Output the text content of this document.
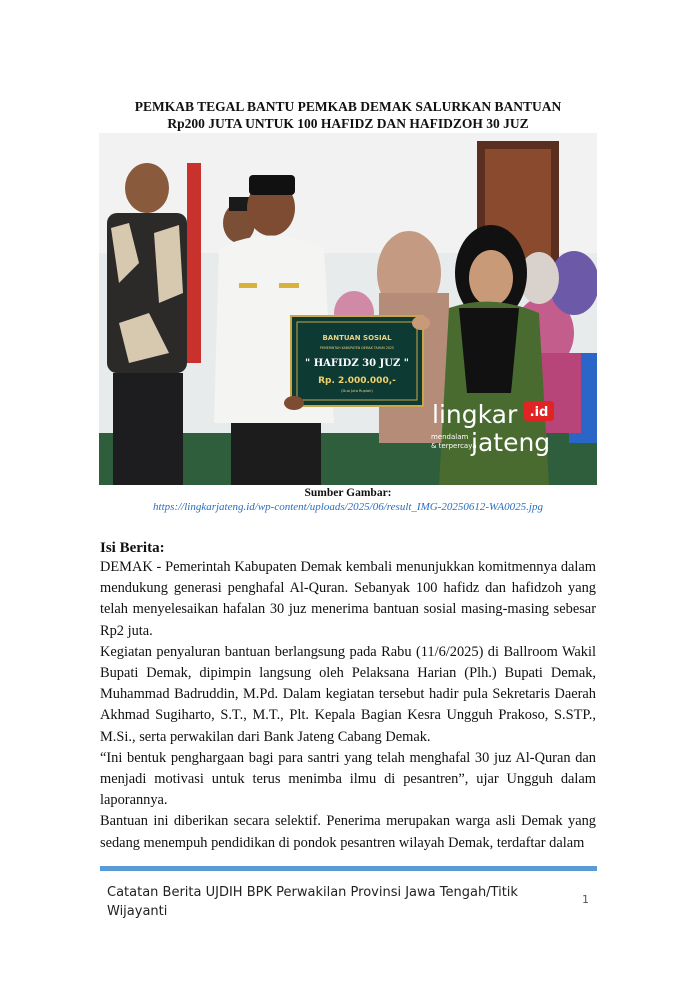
PEMKAB TEGAL BANTU PEMKAB DEMAK SALURKAN BANTUAN
Rp200 JUTA UNTUK 100 HAFIDZ DAN HAFIDZOH 30 JUZ
BANTUAN SOSIAL
PEMERINTAH KABUPATEN DEMAK TAHUN 2025
" HAFIDZ 30 JUZ "
Rp. 2.000.000,-
(Dua Juta Rupiah)
lingkar .id
mendalam
& terpercaya
jateng
Sumber Gambar:
https://lingkarjateng.id/wp-content/uploads/2025/06/result_IMG-20250612-WA0025.jpg
Isi Berita:

DEMAK - Pemerintah Kabupaten Demak kembali menunjukkan komitmennya dalam mendukung generasi penghafal Al-Quran. Sebanyak 100 hafidz dan hafidzoh yang telah menyelesaikan hafalan 30 juz menerima bantuan sosial masing-masing sebesar Rp2 juta.

Kegiatan penyaluran bantuan berlangsung pada Rabu (11/6/2025) di Ballroom Wakil Bupati Demak, dipimpin langsung oleh Pelaksana Harian (Plh.) Bupati Demak, Muhammad Badruddin, M.Pd. Dalam kegiatan tersebut hadir pula Sekretaris Daerah Akhmad Sugiharto, S.T., M.T., Plt. Kepala Bagian Kesra Ungguh Prakoso, S.STP., M.Si., serta perwakilan dari Bank Jateng Cabang Demak.

“Ini bentuk penghargaan bagi para santri yang telah menghafal 30 juz Al-Quran dan menjadi motivasi untuk terus menimba ilmu di pesantren”, ujar Ungguh dalam laporannya.

Bantuan ini diberikan secara selektif. Penerima merupakan warga asli Demak yang sedang menempuh pendidikan di pondok pesantren wilayah Demak, terdaftar dalam

Catatan Berita UJDIH BPK Perwakilan Provinsi Jawa Tengah/Titik Wijayanti
1
